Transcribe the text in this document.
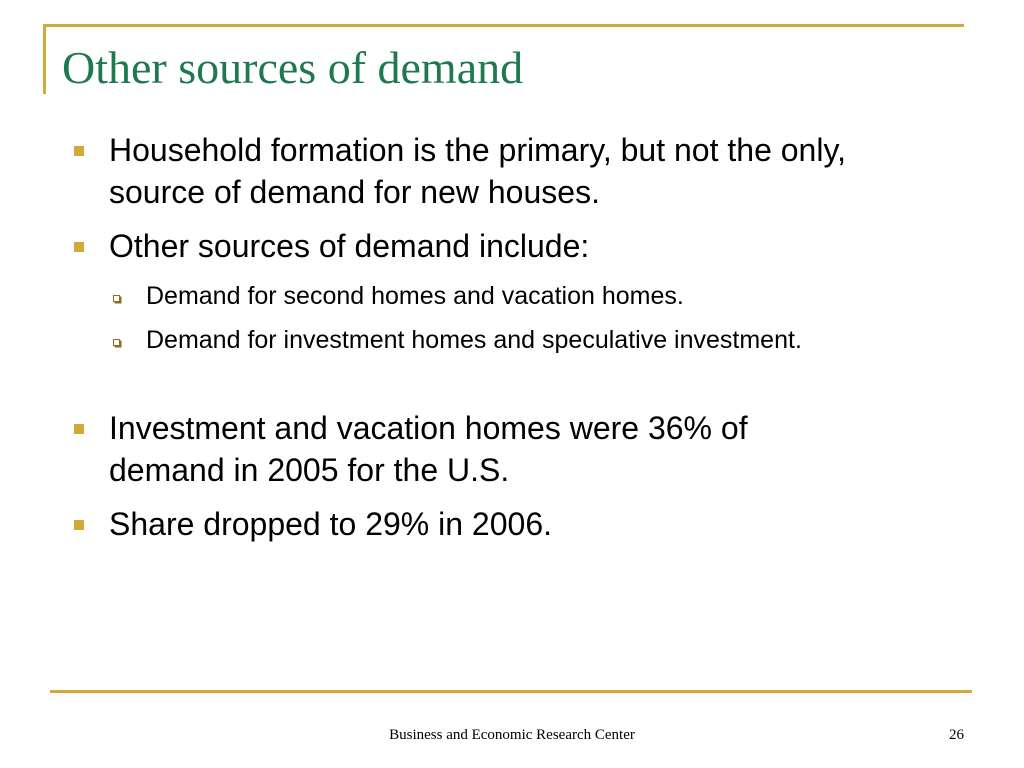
Other sources of demand
Household formation is the primary, but not the only, source of demand for new houses.
Other sources of demand include:
Demand for second homes and vacation homes.
Demand for investment homes and speculative investment.
Investment and vacation homes were 36% of demand in 2005 for the U.S.
Share dropped to 29% in 2006.
Business and Economic Research Center	26
